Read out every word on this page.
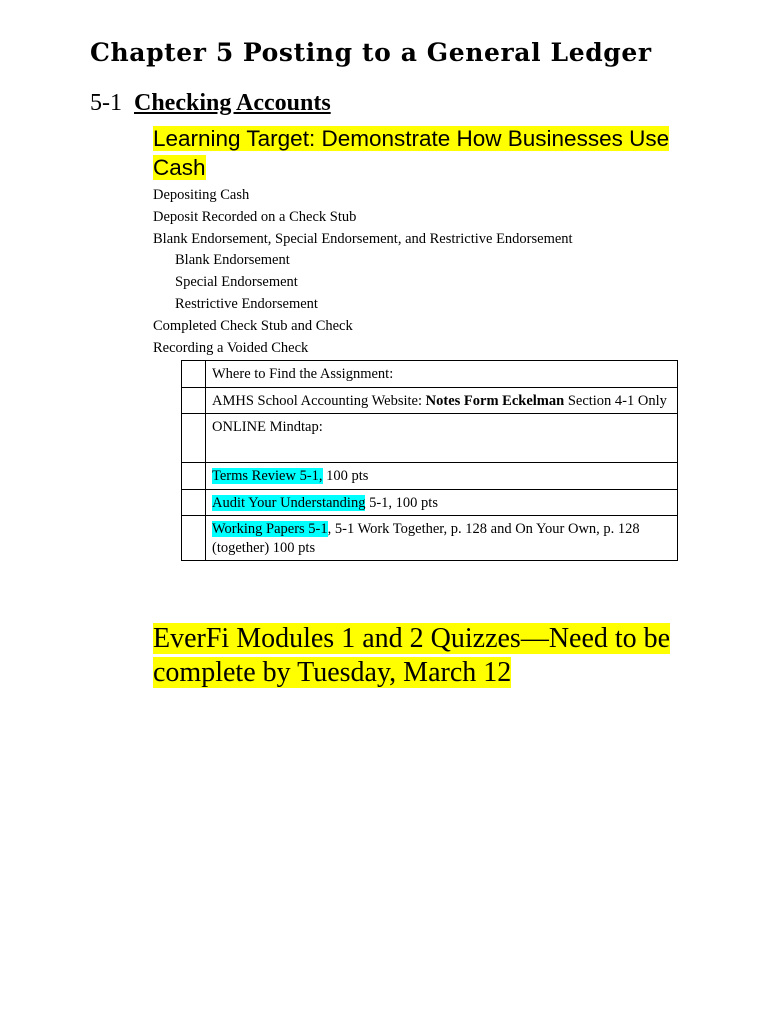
Chapter 5 Posting to a General Ledger
5-1 Checking Accounts
Learning Target: Demonstrate How Businesses Use Cash
Depositing Cash
Deposit Recorded on a Check Stub
Blank Endorsement, Special Endorsement, and Restrictive Endorsement
Blank Endorsement
Special Endorsement
Restrictive Endorsement
Completed Check Stub and Check
Recording a Voided Check
	Where to Find the Assignment:
	AMHS School Accounting Website: Notes Form Eckelman Section 4-1 Only
	ONLINE Mindtap:
	Terms Review 5-1, 100 pts
	Audit Your Understanding 5-1, 100 pts
	Working Papers 5-1, 5-1 Work Together, p. 128 and On Your Own, p. 128 (together) 100 pts
EverFi Modules 1 and 2 Quizzes—Need to be complete by Tuesday, March 12
